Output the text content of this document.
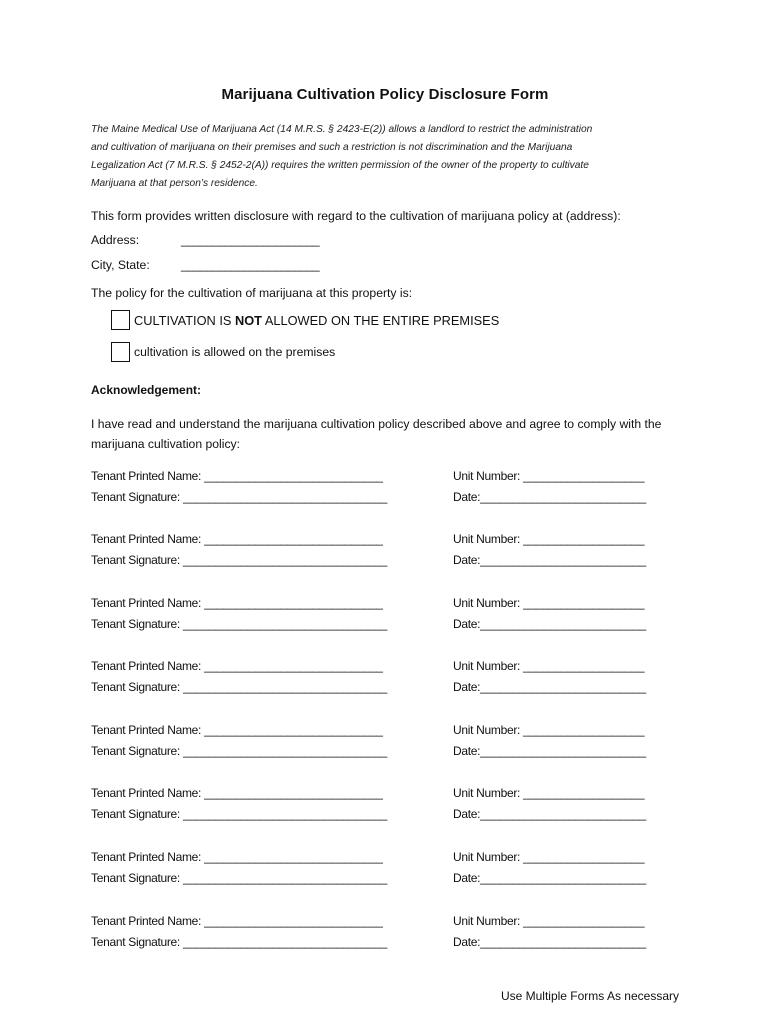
Marijuana Cultivation Policy Disclosure Form

The Maine Medical Use of Marijuana Act (14 M.R.S. § 2423-E(2)) allows a landlord to restrict the administration

and cultivation of marijuana on their premises and such a restriction is not discrimination and the Marijuana

Legalization Act (7 M.R.S. § 2452-2(A)) requires the written permission of the owner of the property to cultivate

Marijuana at that person’s residence.

This form provides written disclosure with regard to the cultivation of marijuana policy at (address):
Address:	______________________
City, State:	______________________
The policy for the cultivation of marijuana at this property is:
CULTIVATION IS NOT ALLOWED ON THE ENTIRE PREMISES
cultivation is allowed on the premises
Acknowledgement:
I have read and understand the marijuana cultivation policy described above and agree to comply with the marijuana cultivation policy:
Tenant Printed Name: ____________________________
Tenant Signature: ________________________________
Unit Number: ___________________
Date:__________________________
Tenant Printed Name: ____________________________
Tenant Signature: ________________________________
Unit Number: ___________________
Date:__________________________
Tenant Printed Name: ____________________________
Tenant Signature: ________________________________
Unit Number: ___________________
Date:__________________________
Tenant Printed Name: ____________________________
Tenant Signature: ________________________________
Unit Number: ___________________
Date:__________________________
Tenant Printed Name: ____________________________
Tenant Signature: ________________________________
Unit Number: ___________________
Date:__________________________
Tenant Printed Name: ____________________________
Tenant Signature: ________________________________
Unit Number: ___________________
Date:__________________________
Tenant Printed Name: ____________________________
Tenant Signature: ________________________________
Unit Number: ___________________
Date:__________________________
Tenant Printed Name: ____________________________
Tenant Signature: ________________________________
Unit Number: ___________________
Date:__________________________
Use Multiple Forms As necessary
